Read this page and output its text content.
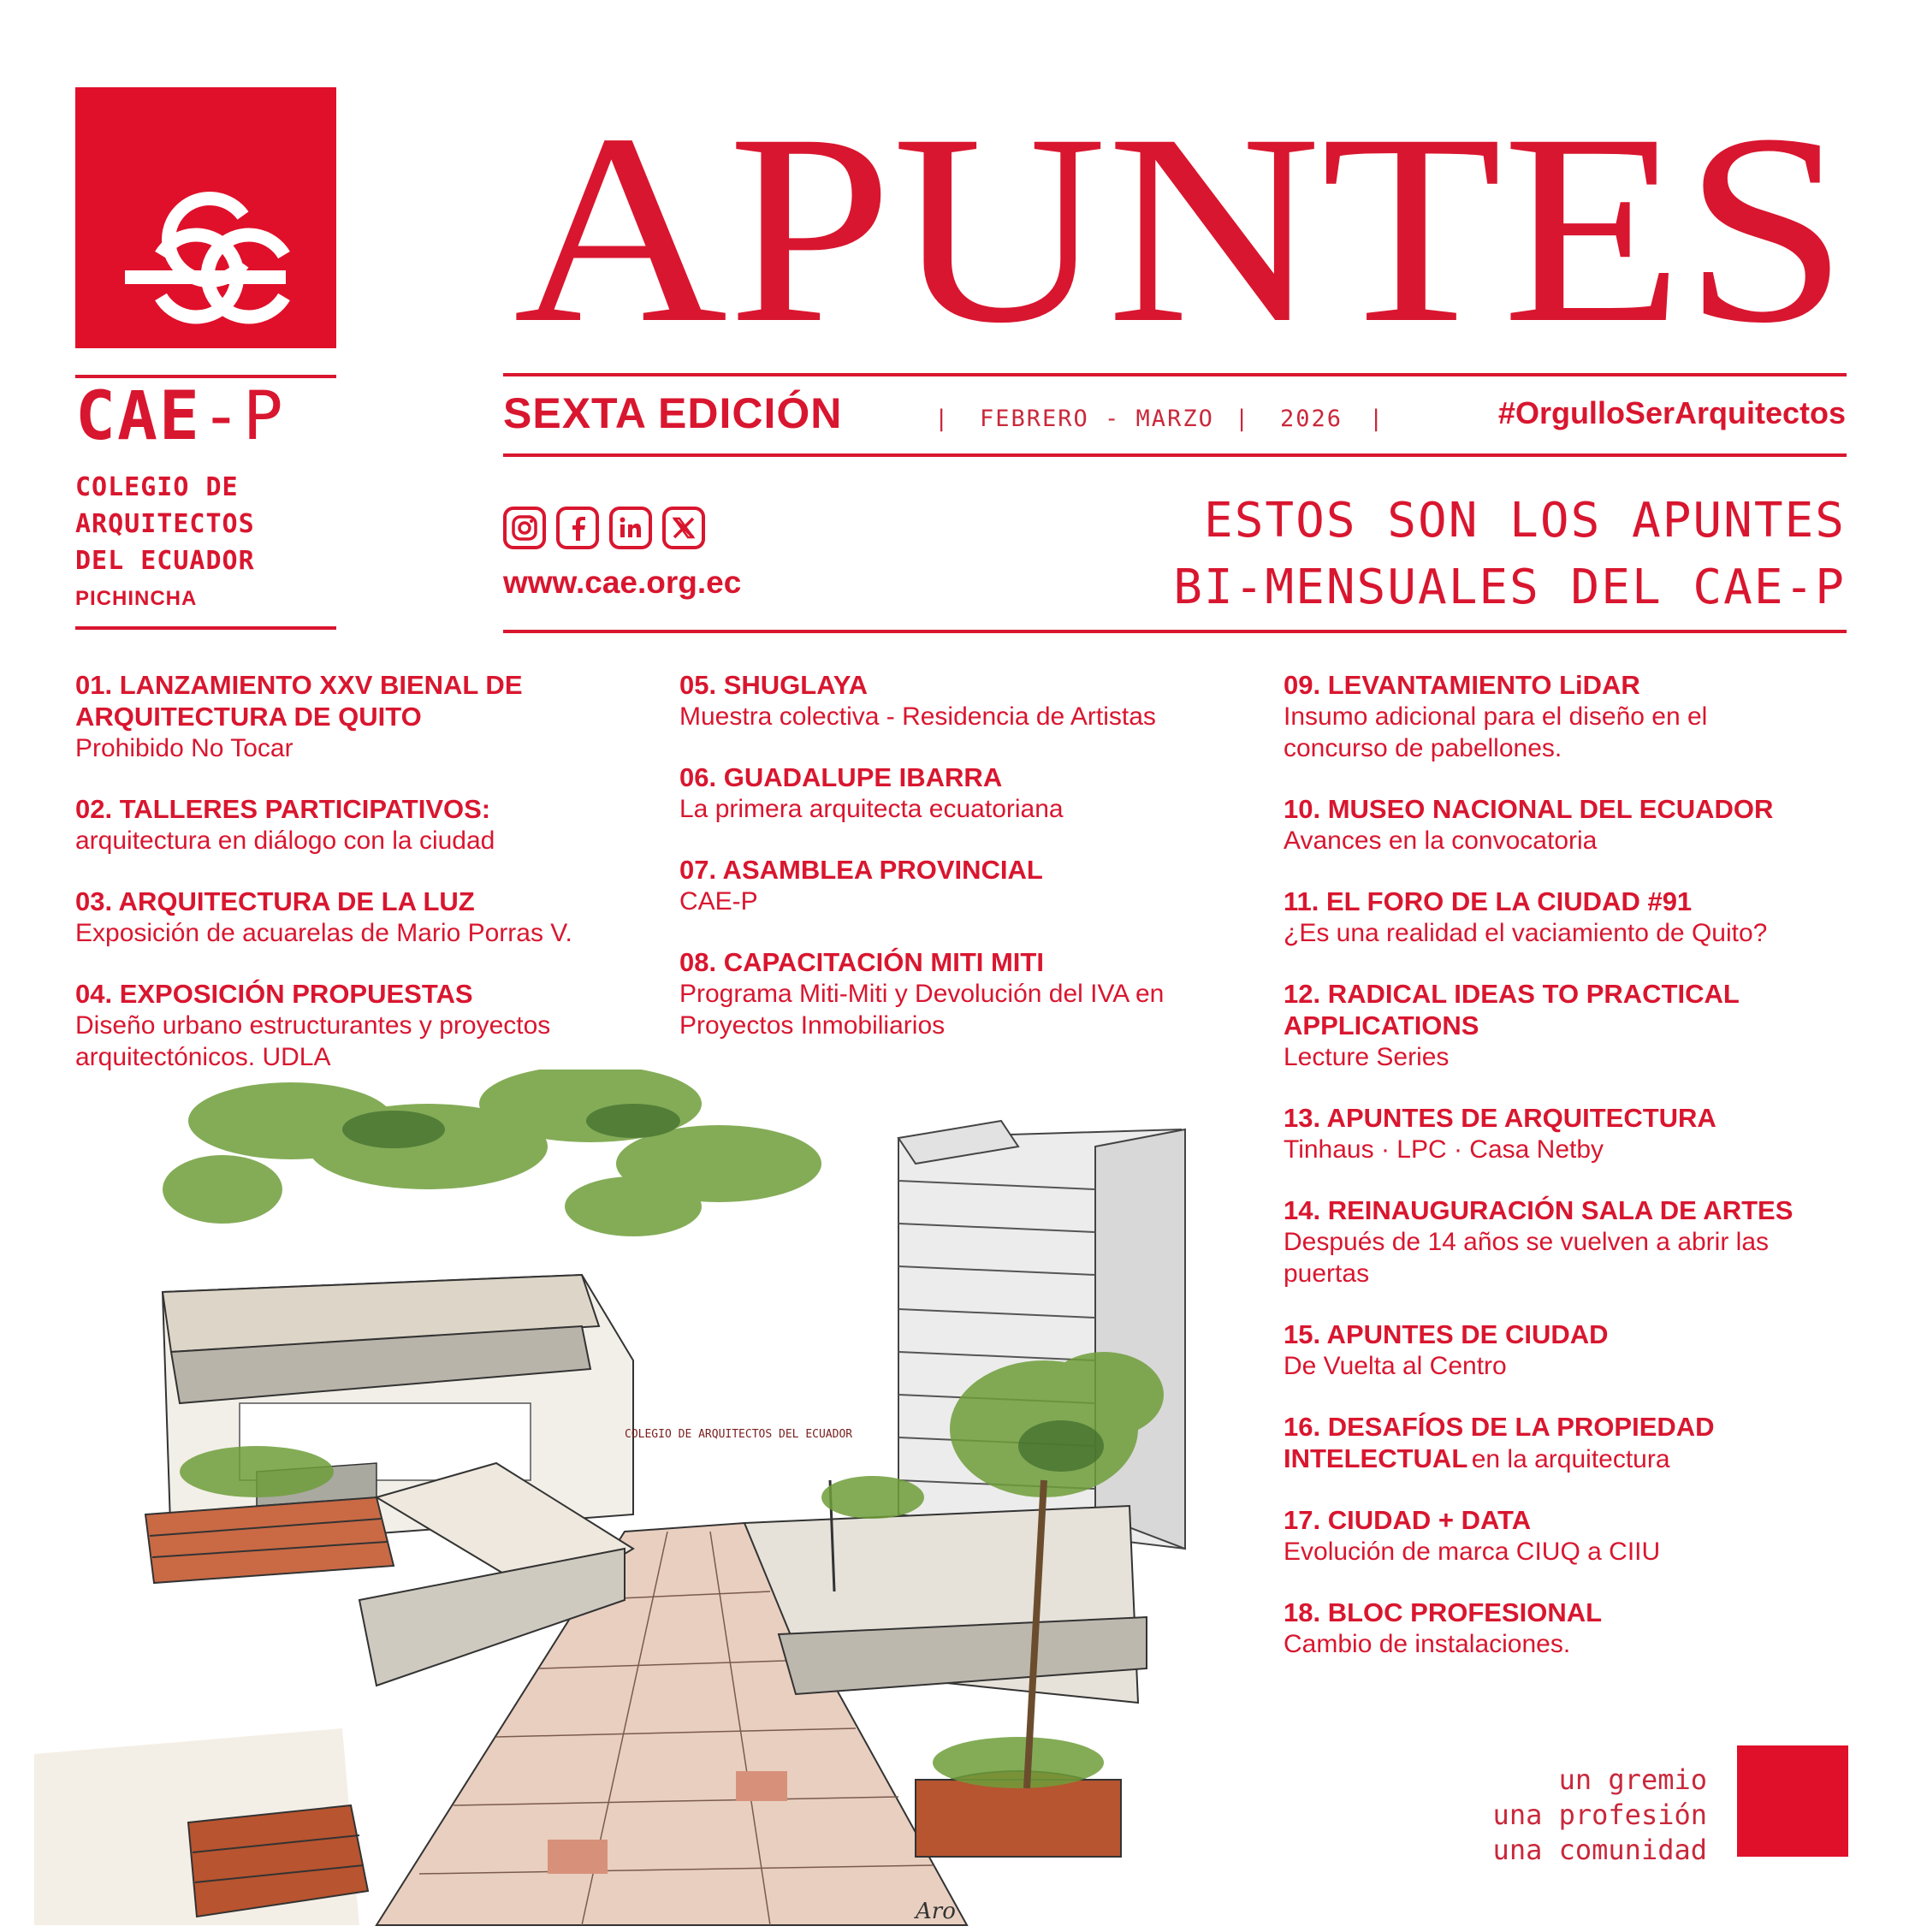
CAE-P
COLEGIO DE
ARQUITECTOS
DEL ECUADOR
PICHINCHA
APUNTES
SEXTA EDICIÓN	| FEBRERO - MARZO | 2026 |	#OrgulloSerArquitectos
www.cae.org.ec
ESTOS SON LOS APUNTES
BI-MENSUALES DEL CAE-P
01. LANZAMIENTO XXV BIENAL DE ARQUITECTURA DE QUITO
Prohibido No Tocar
02. TALLERES PARTICIPATIVOS:
arquitectura en diálogo con la ciudad
03. ARQUITECTURA DE LA LUZ
Exposición de acuarelas de Mario Porras V.
04. EXPOSICIÓN PROPUESTAS
Diseño urbano estructurantes y proyectos arquitectónicos. UDLA
05. SHUGLAYA
Muestra colectiva - Residencia de Artistas
06. GUADALUPE IBARRA
La primera arquitecta ecuatoriana
07. ASAMBLEA PROVINCIAL
CAE-P
08. CAPACITACIÓN MITI MITI
Programa Miti-Miti y Devolución del IVA en Proyectos Inmobiliarios
09. LEVANTAMIENTO LiDAR
Insumo adicional para el diseño en el concurso de pabellones.
10. MUSEO NACIONAL DEL ECUADOR
Avances en la convocatoria
11. EL FORO DE LA CIUDAD #91
¿Es una realidad el vaciamiento de Quito?
12. RADICAL IDEAS TO PRACTICAL APPLICATIONS
Lecture Series
13. APUNTES DE ARQUITECTURA
Tinhaus · LPC · Casa Netby
14. REINAUGURACIÓN SALA DE ARTES
Después de 14 años se vuelven a abrir las puertas
15. APUNTES DE CIUDAD
De Vuelta al Centro
16. DESAFÍOS DE LA PROPIEDAD
INTELECTUAL en la arquitectura
17. CIUDAD + DATA
Evolución de marca CIUQ a CIIU
18. BLOC PROFESIONAL
Cambio de instalaciones.
COLEGIO DE ARQUITECTOS DEL ECUADOR
Aro
un gremio
una profesión
una comunidad
